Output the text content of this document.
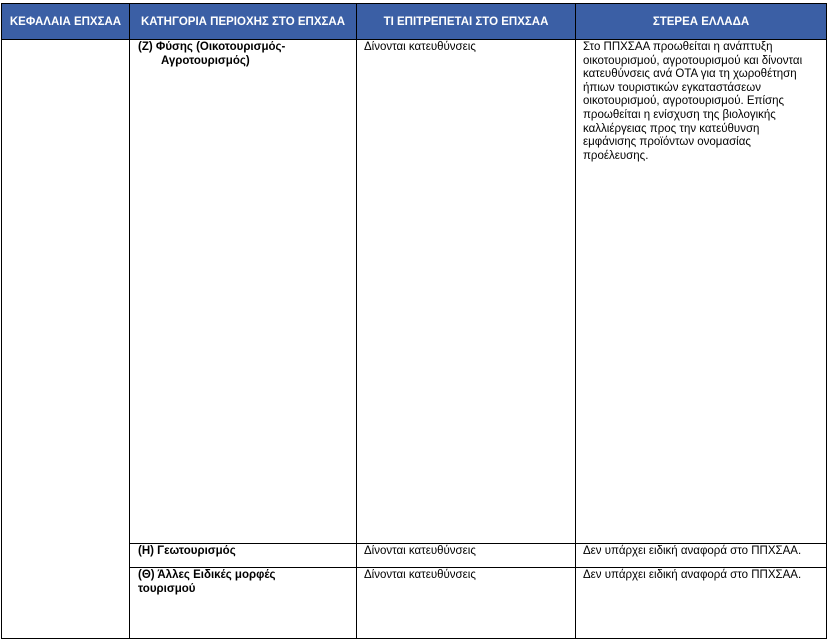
ΚΕΦΑΛΑΙΑ ΕΠΧΣΑΑ	ΚΑΤΗΓΟΡΙΑ ΠΕΡΙΟΧΗΣ ΣΤΟ ΕΠΧΣΑΑ	ΤΙ ΕΠΙΤΡΕΠΕΤΑΙ ΣΤΟ ΕΠΧΣΑΑ	ΣΤΕΡΕΑ ΕΛΛΑΔΑ

	(Ζ) Φύσης (Οικοτουρισμός-
Αγροτουρισμός)	Δίνονται κατευθύνσεις	Στο ΠΠΧΣΑΑ προωθείται η ανάπτυξη οικοτουρισμού, αγροτουρισμού και δίνονται κατευθύνσεις ανά ΟΤΑ για τη χωροθέτηση ήπιων τουριστικών εγκαταστάσεων οικοτουρισμού, αγροτουρισμού. Επίσης προωθείται η ενίσχυση της βιολογικής καλλιέργειας προς την κατεύθυνση εμφάνισης προϊόντων ονομασίας προέλευσης.

	(Η) Γεωτουρισμός	Δίνονται κατευθύνσεις	Δεν υπάρχει ειδική αναφορά στο ΠΠΧΣΑΑ.

	(Θ) Άλλες Ειδικές μορφές τουρισμού	Δίνονται κατευθύνσεις	Δεν υπάρχει ειδική αναφορά στο ΠΠΧΣΑΑ.
